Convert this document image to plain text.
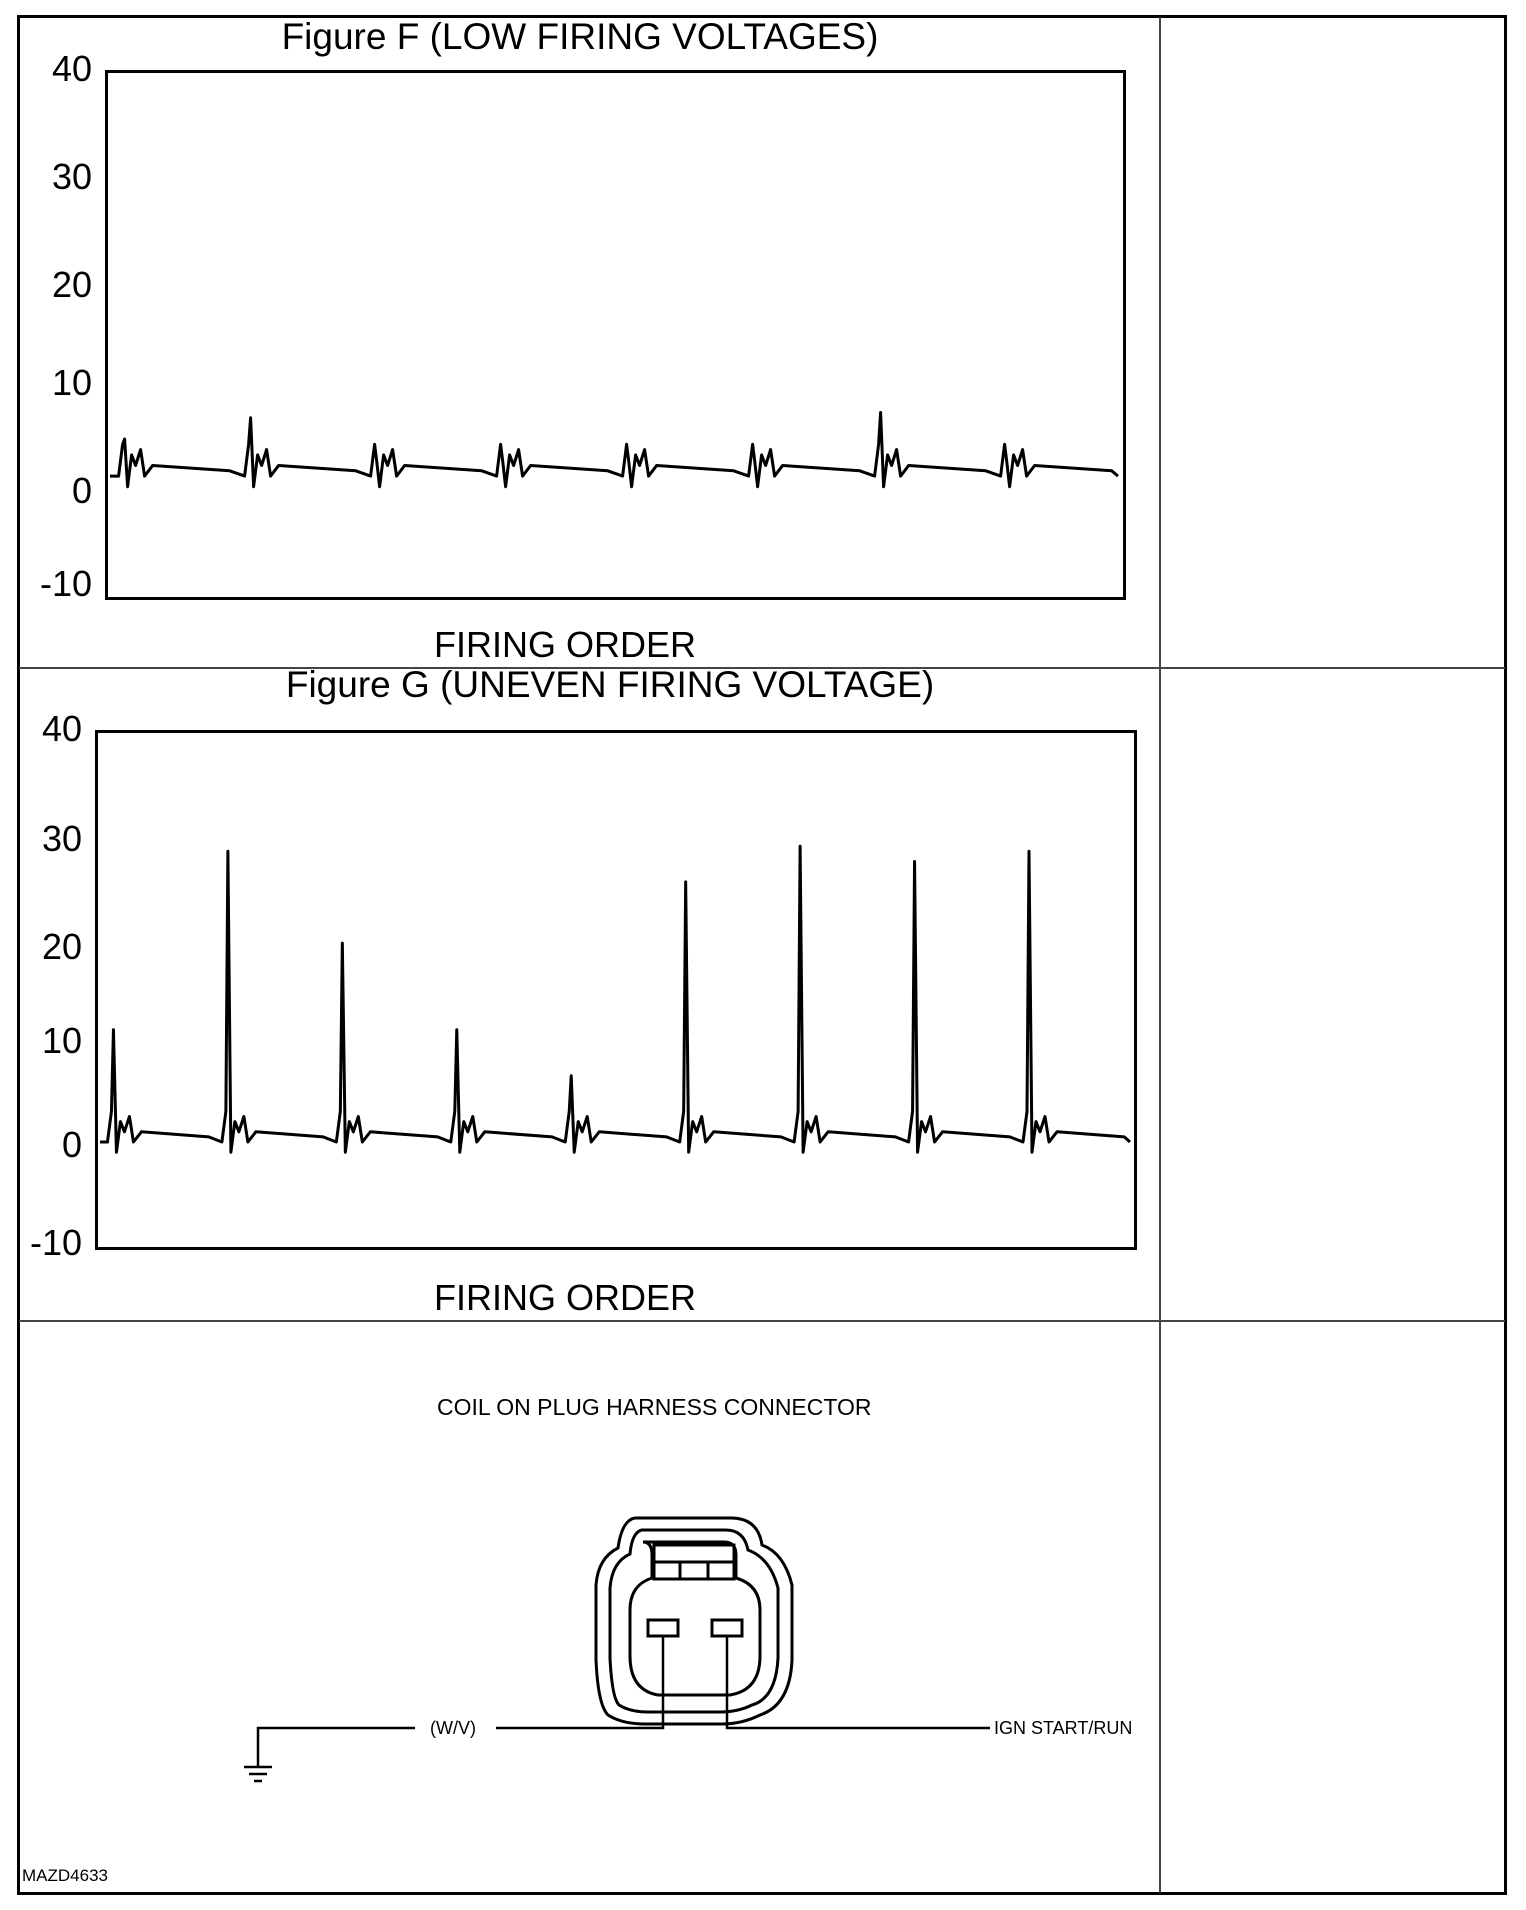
Figure F (LOW FIRING VOLTAGES)
40
30
20
10
0
-10
FIRING ORDER
Figure G (UNEVEN FIRING VOLTAGE)
40
30
20
10
0
-10
FIRING ORDER
COIL ON PLUG HARNESS CONNECTOR
(W/V)	IGN START/RUN
MAZD4633
